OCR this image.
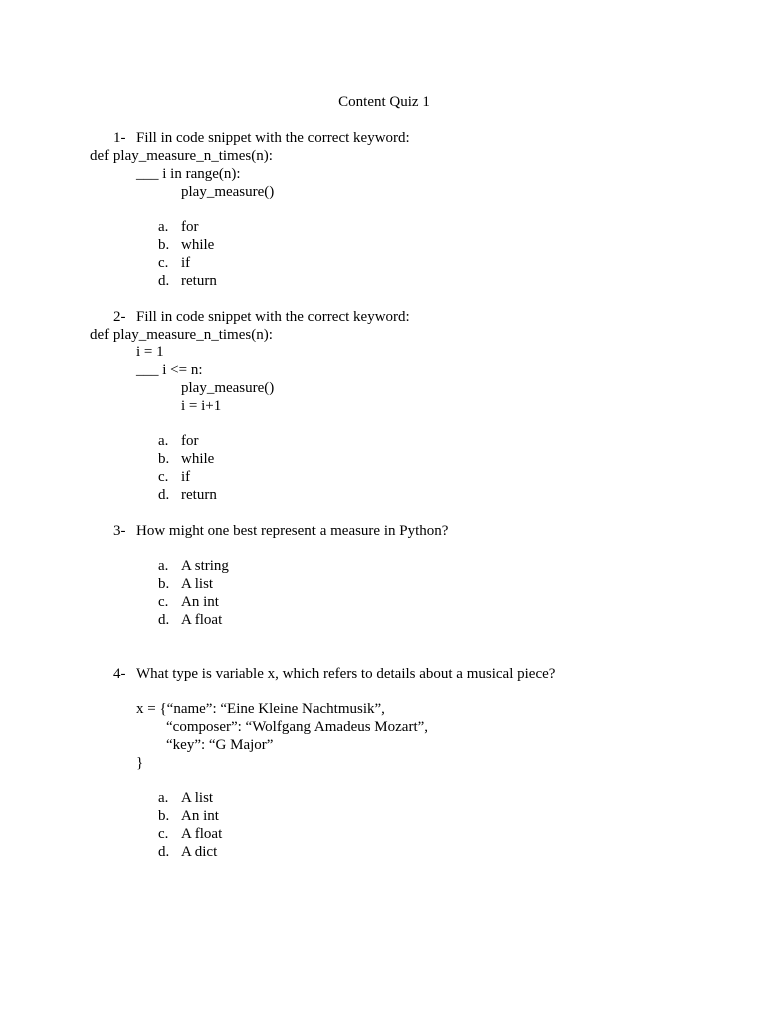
Content Quiz 1
1- Fill in code snippet with the correct keyword:
def play_measure_n_times(n):
___ i in range(n):
play_measure()
a. for
b. while
c. if
d. return
2- Fill in code snippet with the correct keyword:
def play_measure_n_times(n):
i = 1
___ i <= n:
play_measure()
i = i+1
a. for
b. while
c. if
d. return
3- How might one best represent a measure in Python?
a. A string
b. A list
c. An int
d. A float
4- What type is variable x, which refers to details about a musical piece?
x = {“name”: “Eine Kleine Nachtmusik”,
“composer”: “Wolfgang Amadeus Mozart”,
“key”: “G Major”
}
a. A list
b. An int
c. A float
d. A dict
